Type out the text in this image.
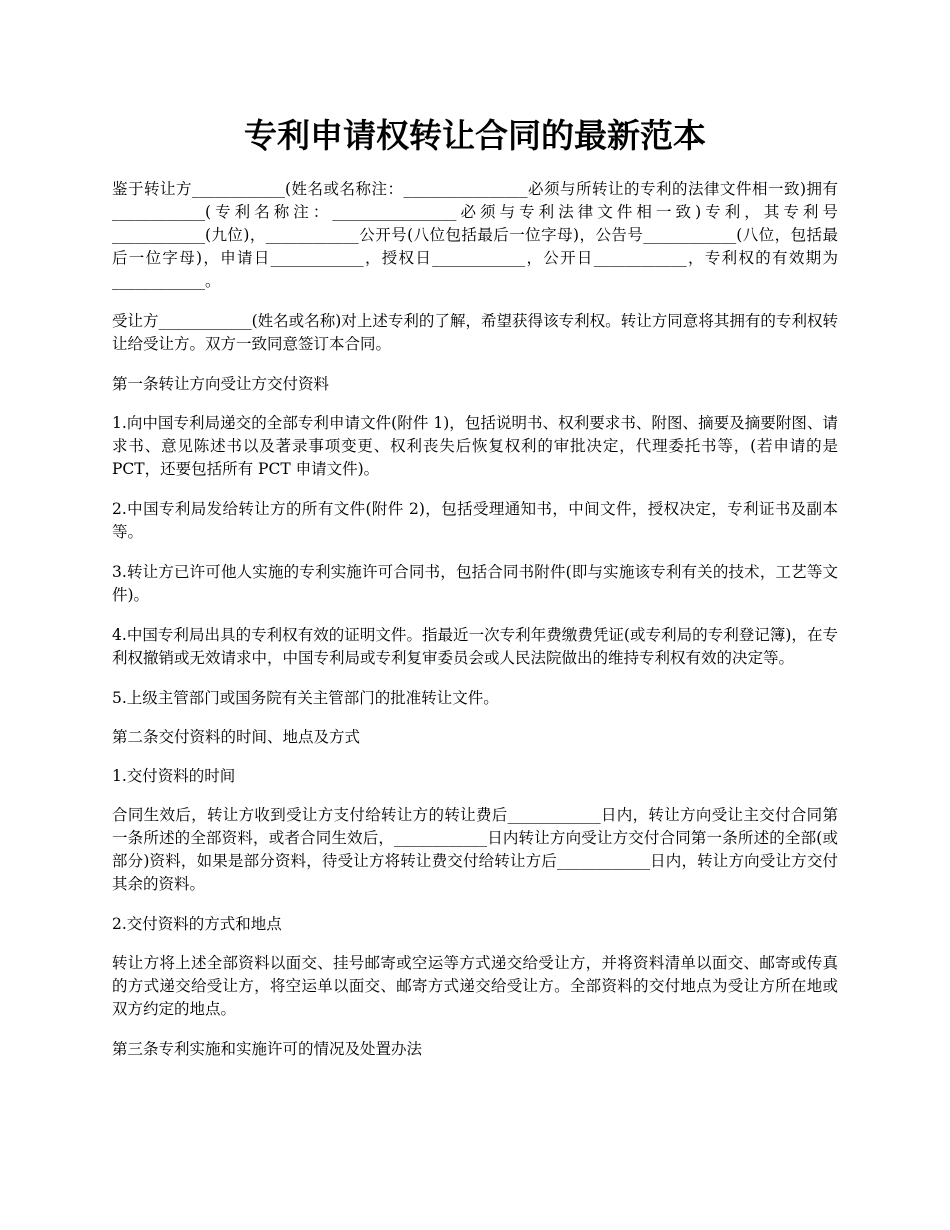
专利申请权转让合同的最新范本

鉴于转让方____________(姓名或名称注：________________必须与所转让的专利的法律文件相一致)拥有____________(专利名称注：________________必须与专利法律文件相一致)专利，其专利号____________(九位)，____________公开号(八位包括最后一位字母)，公告号____________(八位，包括最后一位字母)，申请日____________，授权日____________，公开日____________，专利权的有效期为____________。

受让方____________(姓名或名称)对上述专利的了解，希望获得该专利权。转让方同意将其拥有的专利权转让给受让方。双方一致同意签订本合同。

第一条转让方向受让方交付资料

1.向中国专利局递交的全部专利申请文件(附件 1)，包括说明书、权利要求书、附图、摘要及摘要附图、请求书、意见陈述书以及著录事项变更、权利丧失后恢复权利的审批决定，代理委托书等，(若申请的是 PCT，还要包括所有 PCT 申请文件)。

2.中国专利局发给转让方的所有文件(附件 2)，包括受理通知书，中间文件，授权决定，专利证书及副本等。

3.转让方已许可他人实施的专利实施许可合同书，包括合同书附件(即与实施该专利有关的技术，工艺等文件)。

4.中国专利局出具的专利权有效的证明文件。指最近一次专利年费缴费凭证(或专利局的专利登记簿)，在专利权撤销或无效请求中，中国专利局或专利复审委员会或人民法院做出的维持专利权有效的决定等。

5.上级主管部门或国务院有关主管部门的批准转让文件。

第二条交付资料的时间、地点及方式

1.交付资料的时间

合同生效后，转让方收到受让方支付给转让方的转让费后____________日内，转让方向受让主交付合同第一条所述的全部资料，或者合同生效后，____________日内转让方向受让方交付合同第一条所述的全部(或部分)资料，如果是部分资料，待受让方将转让费交付给转让方后____________日内，转让方向受让方交付其余的资料。

2.交付资料的方式和地点

转让方将上述全部资料以面交、挂号邮寄或空运等方式递交给受让方，并将资料清单以面交、邮寄或传真的方式递交给受让方，将空运单以面交、邮寄方式递交给受让方。全部资料的交付地点为受让方所在地或双方约定的地点。

第三条专利实施和实施许可的情况及处置办法
